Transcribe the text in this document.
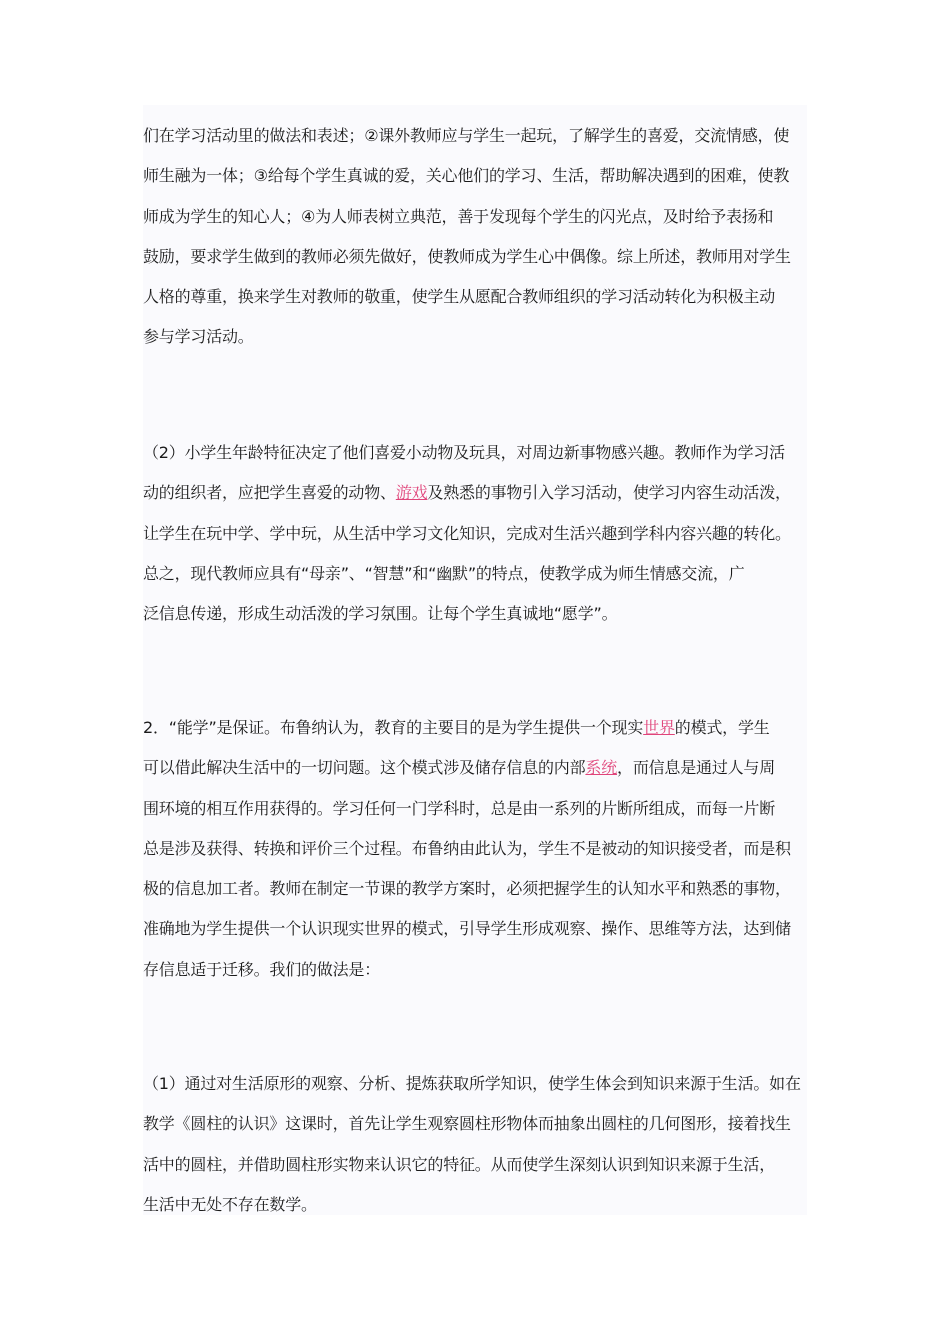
们在学习活动里的做法和表述；②课外教师应与学生一起玩，了解学生的喜爱，交流情感，使
师生融为一体；③给每个学生真诚的爱，关心他们的学习、生活，帮助解决遇到的困难，使教
师成为学生的知心人；④为人师表树立典范，善于发现每个学生的闪光点，及时给予表扬和
鼓励，要求学生做到的教师必须先做好，使教师成为学生心中偶像。综上所述，教师用对学生
人格的尊重，换来学生对教师的敬重，使学生从愿配合教师组织的学习活动转化为积极主动
参与学习活动。

（2）小学生年龄特征决定了他们喜爱小动物及玩具，对周边新事物感兴趣。教师作为学习活
动的组织者，应把学生喜爱的动物、游戏及熟悉的事物引入学习活动，使学习内容生动活泼，
让学生在玩中学、学中玩，从生活中学习文化知识，完成对生活兴趣到学科内容兴趣的转化。
总之，现代教师应具有“母亲”、“智慧”和“幽默”的特点，使教学成为师生情感交流，广
泛信息传递，形成生动活泼的学习氛围。让每个学生真诚地“愿学”。

2．“能学”是保证。布鲁纳认为，教育的主要目的是为学生提供一个现实世界的模式，学生
可以借此解决生活中的一切问题。这个模式涉及储存信息的内部系统，而信息是通过人与周
围环境的相互作用获得的。学习任何一门学科时，总是由一系列的片断所组成，而每一片断
总是涉及获得、转换和评价三个过程。布鲁纳由此认为，学生不是被动的知识接受者，而是积
极的信息加工者。教师在制定一节课的教学方案时，必须把握学生的认知水平和熟悉的事物，
准确地为学生提供一个认识现实世界的模式，引导学生形成观察、操作、思维等方法，达到储
存信息适于迁移。我们的做法是：

（1）通过对生活原形的观察、分析、提炼获取所学知识，使学生体会到知识来源于生活。如在
教学《圆柱的认识》这课时，首先让学生观察圆柱形物体而抽象出圆柱的几何图形，接着找生
活中的圆柱，并借助圆柱形实物来认识它的特征。从而使学生深刻认识到知识来源于生活，
生活中无处不存在数学。
